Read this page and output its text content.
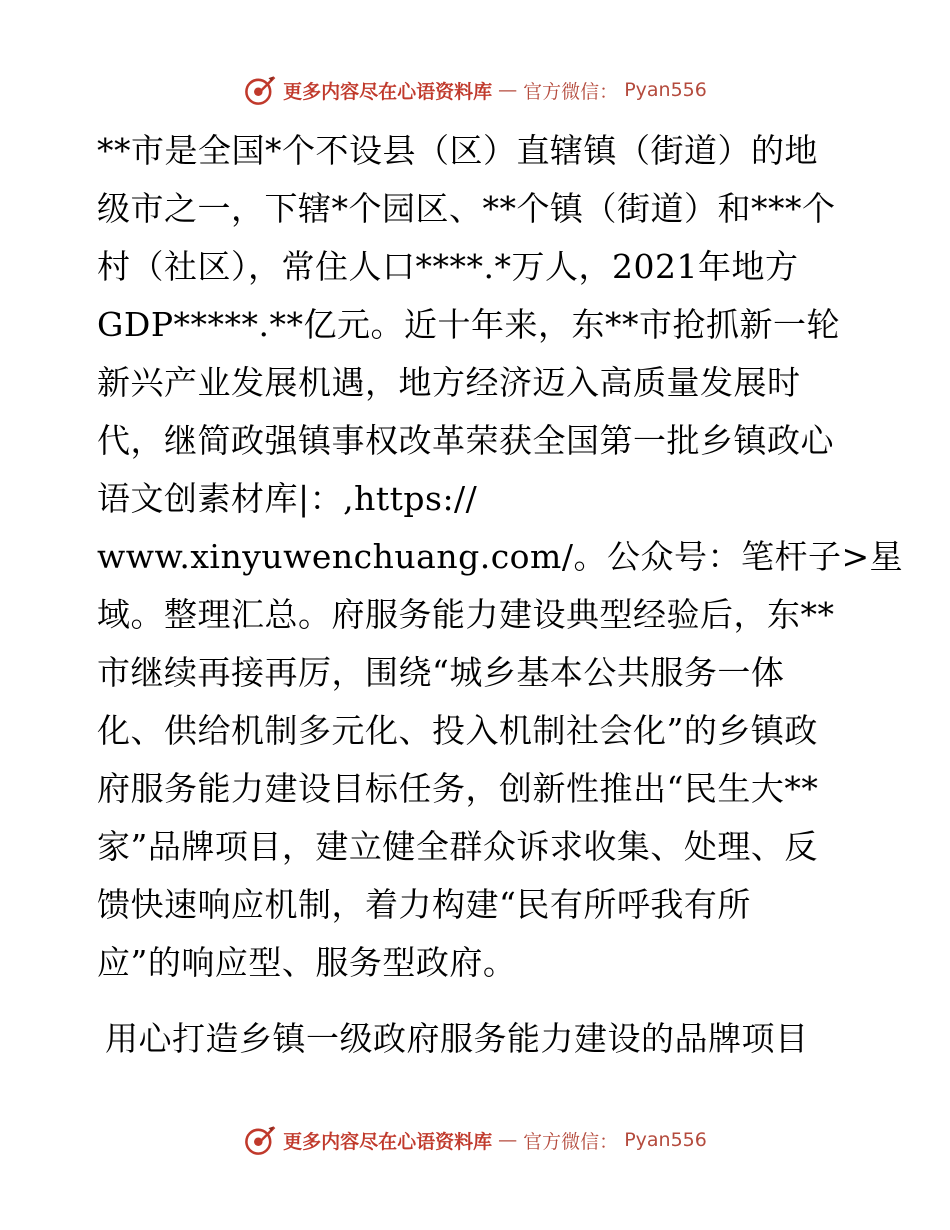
更多内容尽在心语资料库 — 官方微信： Pyan556
**市是全国*个不设县（区）直辖镇（街道）的地
级市之一，下辖*个园区、**个镇（街道）和***个
村（社区），常住人口****.*万人，2021年地方
GDP*****.**亿元。近十年来，东**市抢抓新一轮
新兴产业发展机遇，地方经济迈入高质量发展时
代，继简政强镇事权改革荣获全国第一批乡镇政心
语文创素材库|：,https://
www.xinyuwenchuang.com/。公众号：笔杆子>星
域。整理汇总。府服务能力建设典型经验后，东**
市继续再接再厉，围绕“城乡基本公共服务一体
化、供给机制多元化、投入机制社会化”的乡镇政
府服务能力建设目标任务，创新性推出“民生大**
家”品牌项目，建立健全群众诉求收集、处理、反
馈快速响应机制，着力构建“民有所呼我有所
应”的响应型、服务型政府。
用心打造乡镇一级政府服务能力建设的品牌项目
更多内容尽在心语资料库 — 官方微信： Pyan556
